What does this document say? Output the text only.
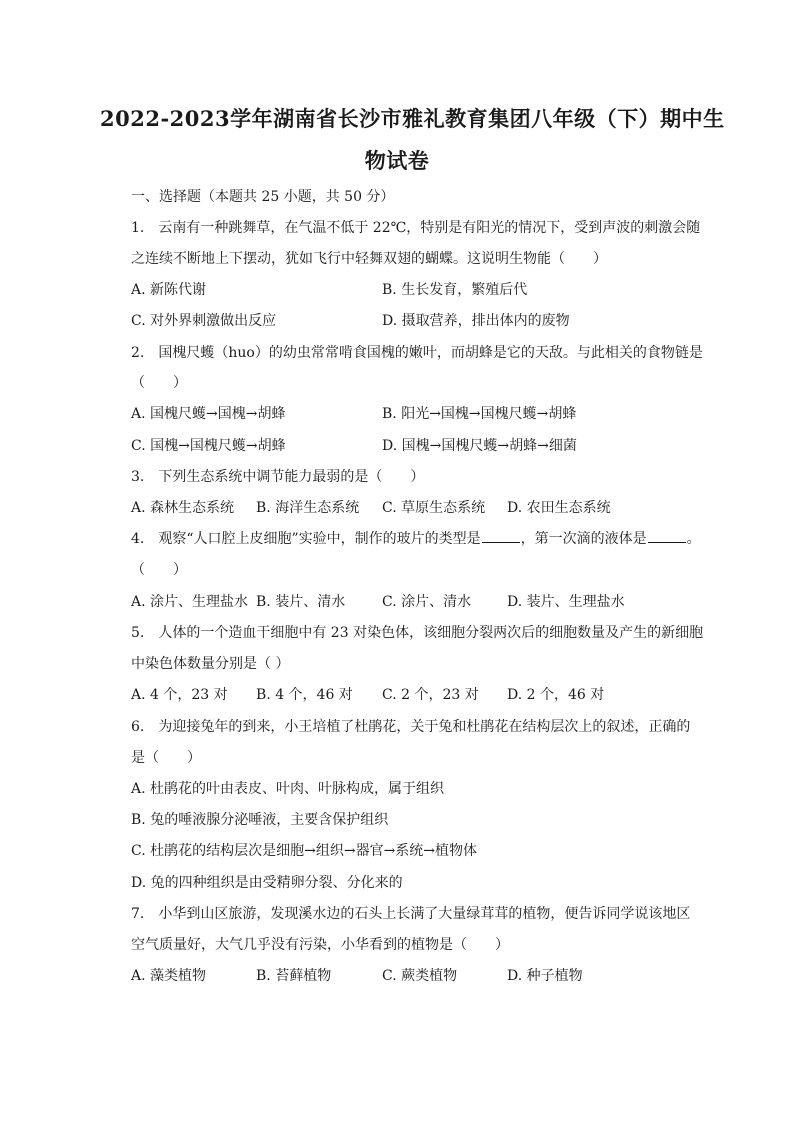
2022-2023学年湖南省长沙市雅礼教育集团八年级（下）期中生
物试卷
一、选择题（本题共 25 小题，共 50 分）
1.　云南有一种跳舞草，在气温不低于 22℃，特别是有阳光的情况下，受到声波的刺激会随
之连续不断地上下摆动，犹如飞行中轻舞双翅的蝴蝶。这说明生物能（　　）
A. 新陈代谢	B. 生长发育，繁殖后代
C. 对外界刺激做出反应	D. 摄取营养，排出体内的废物
2.　国槐尺蠖（huo）的幼虫常常啃食国槐的嫩叶，而胡蜂是它的天敌。与此相关的食物链是
（　　）
A. 国槐尺蠖→国槐→胡蜂	B. 阳光→国槐→国槐尺蠖→胡蜂
C. 国槐→国槐尺蠖→胡蜂	D. 国槐→国槐尺蠖→胡蜂→细菌
3.　下列生态系统中调节能力最弱的是（　　）
A. 森林生态系统 B. 海洋生态系统 C. 草原生态系统 D. 农田生态系统
4.　观察“人口腔上皮细胞”实验中，制作的玻片的类型是	，第一次滴的液体是	。
（　　）
A. 涂片、生理盐水 B. 装片、清水	C. 涂片、清水	D. 装片、生理盐水
5.　人体的一个造血干细胞中有 23 对染色体，该细胞分裂两次后的细胞数量及产生的新细胞
中染色体数量分别是（ ）
A. 4 个，23 对 B. 4 个，46 对 C. 2 个，23 对 D. 2 个，46 对
6.　为迎接兔年的到来，小王培植了杜鹃花，关于兔和杜鹃花在结构层次上的叙述，正确的
是（　　）
A. 杜鹃花的叶由表皮、叶肉、叶脉构成，属于组织
B. 兔的唾液腺分泌唾液，主要含保护组织
C. 杜鹃花的结构层次是细胞→组织→器官→系统→植物体
D. 兔的四种组织是由受精卵分裂、分化来的
7.　小华到山区旅游，发现溪水边的石头上长满了大量绿茸茸的植物，便告诉同学说该地区
空气质量好，大气几乎没有污染，小华看到的植物是（　　）
A. 藻类植物	B. 苔藓植物	C. 蕨类植物	D. 种子植物
